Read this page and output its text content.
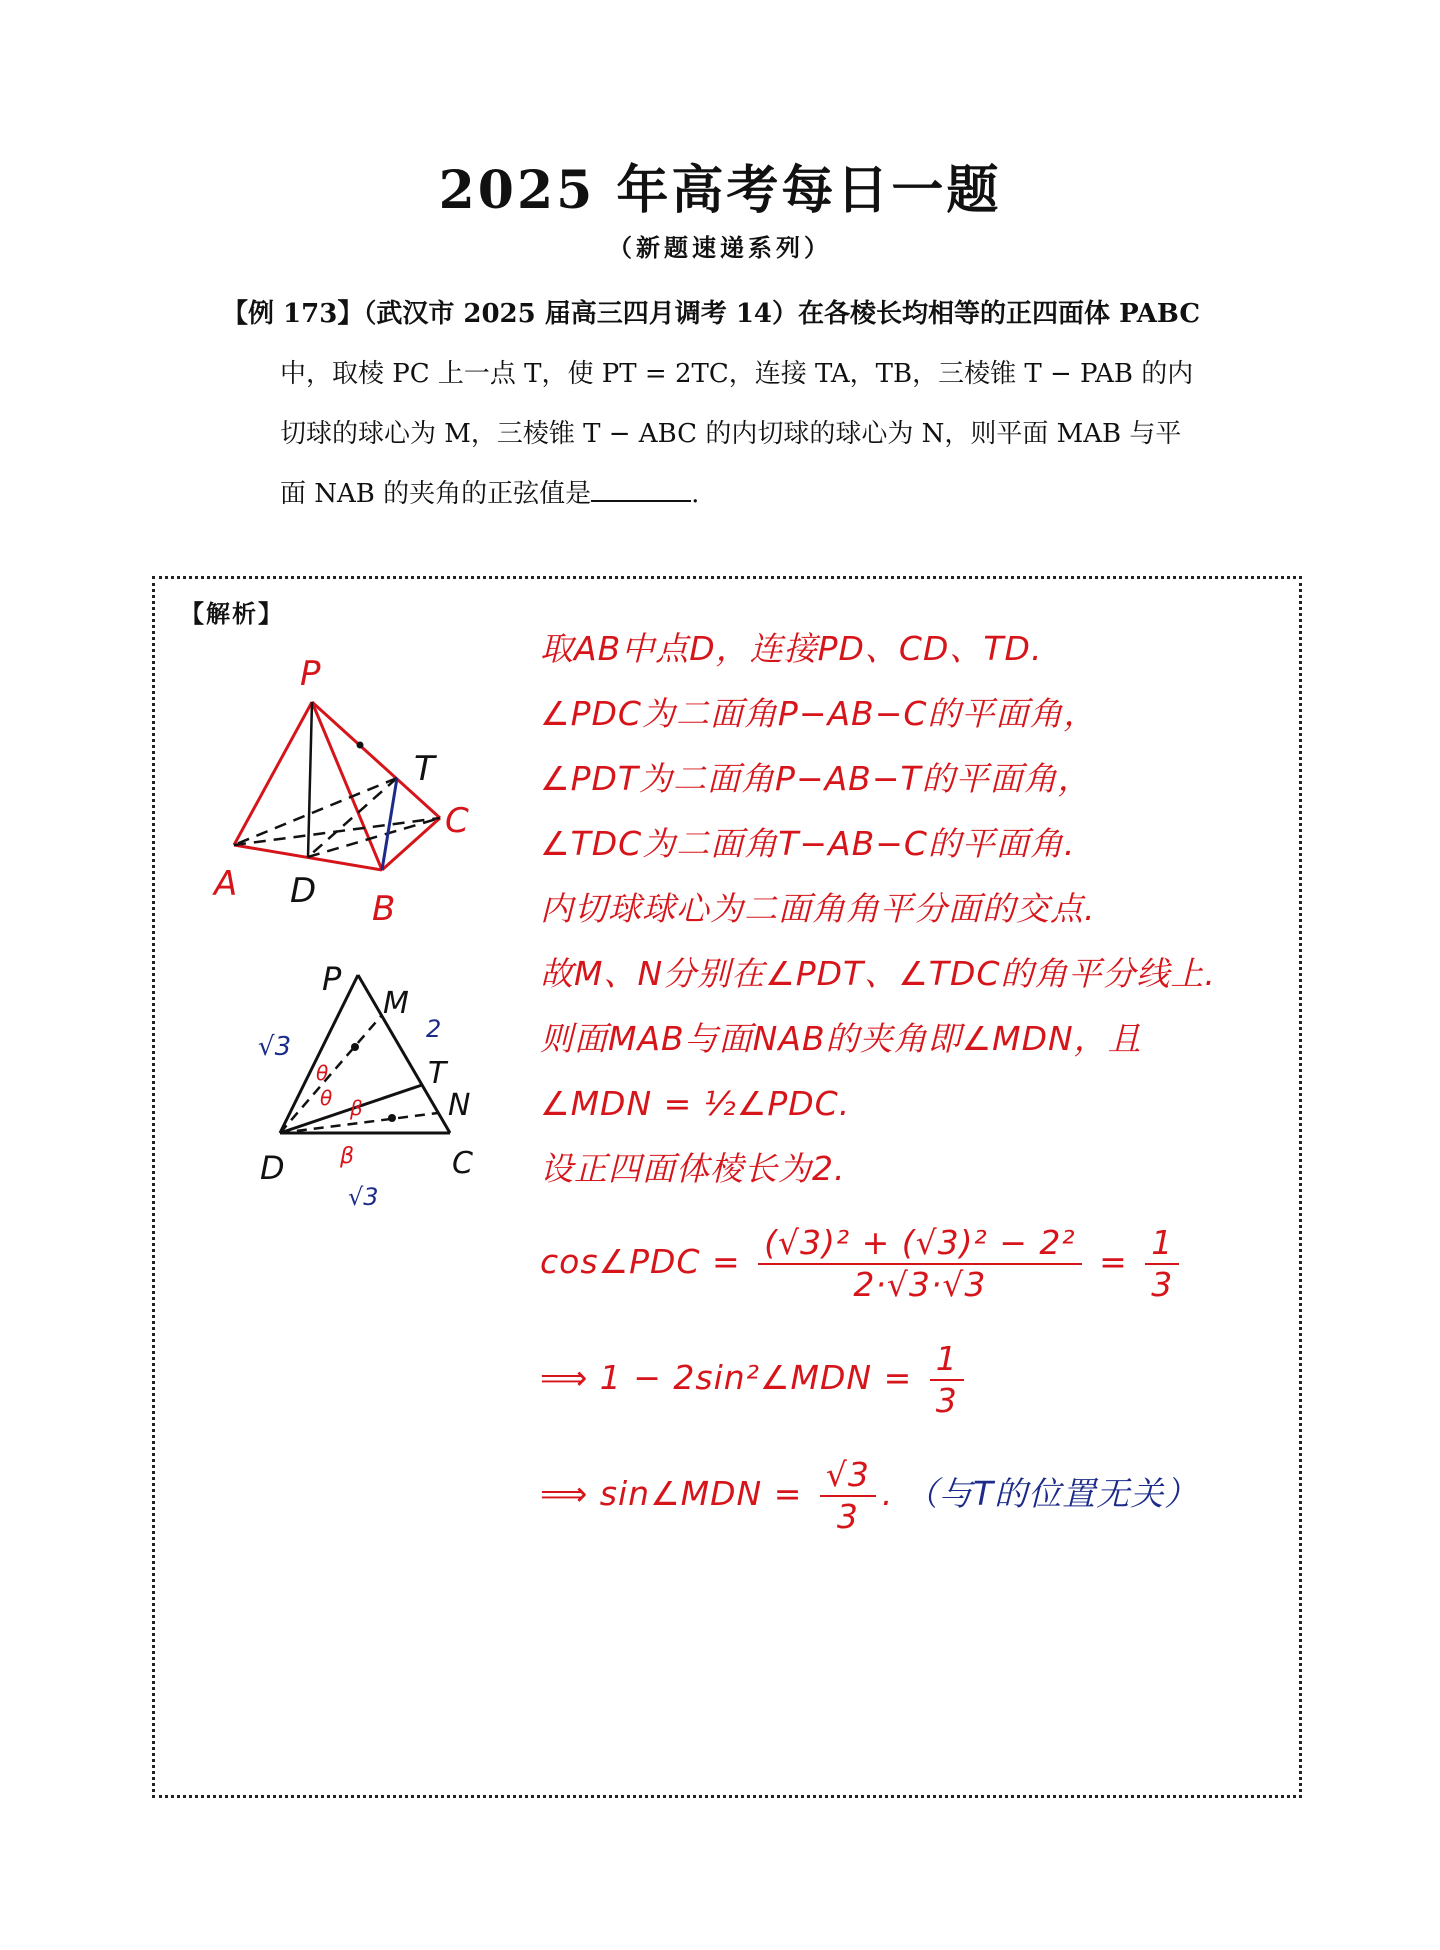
2025 年高考每日一题
（新题速递系列）
【例 173】（武汉市 2025 届高三四月调考 14）在各棱长均相等的正四面体 PABC
中，取棱 PC 上一点 T，使 PT = 2TC，连接 TA，TB，三棱锥 T − PAB 的内
切球的球心为 M，三棱锥 T − ABC 的内切球的球心为 N，则平面 MAB 与平
面 NAB 的夹角的正弦值是	.
【解析】
P
T
C
A D B
P
M
T
N
D	C
√3
2
√3
θ
θ β
β
取AB中点D，连接PD、CD、TD.
∠PDC为二面角P−AB−C的平面角，
∠PDT为二面角P−AB−T的平面角，
∠TDC为二面角T−AB−C的平面角.
内切球球心为二面角角平分面的交点.
故M、N分别在∠PDT、∠TDC的角平分线上.
则面MAB与面NAB的夹角即∠MDN，且
∠MDN = ½∠PDC.
设正四面体棱长为2.
cos∠PDC = $\frac{\text{(√3)² + (√3)² − 2²}}{2\cdot√3\cdot√3} = \frac{1}{3}$
⟹ 1 − 2sin²∠MDN = $\frac{1}{3}$
⟹ sin∠MDN = $\frac{√3}{3}$ . （与T的位置无关）
